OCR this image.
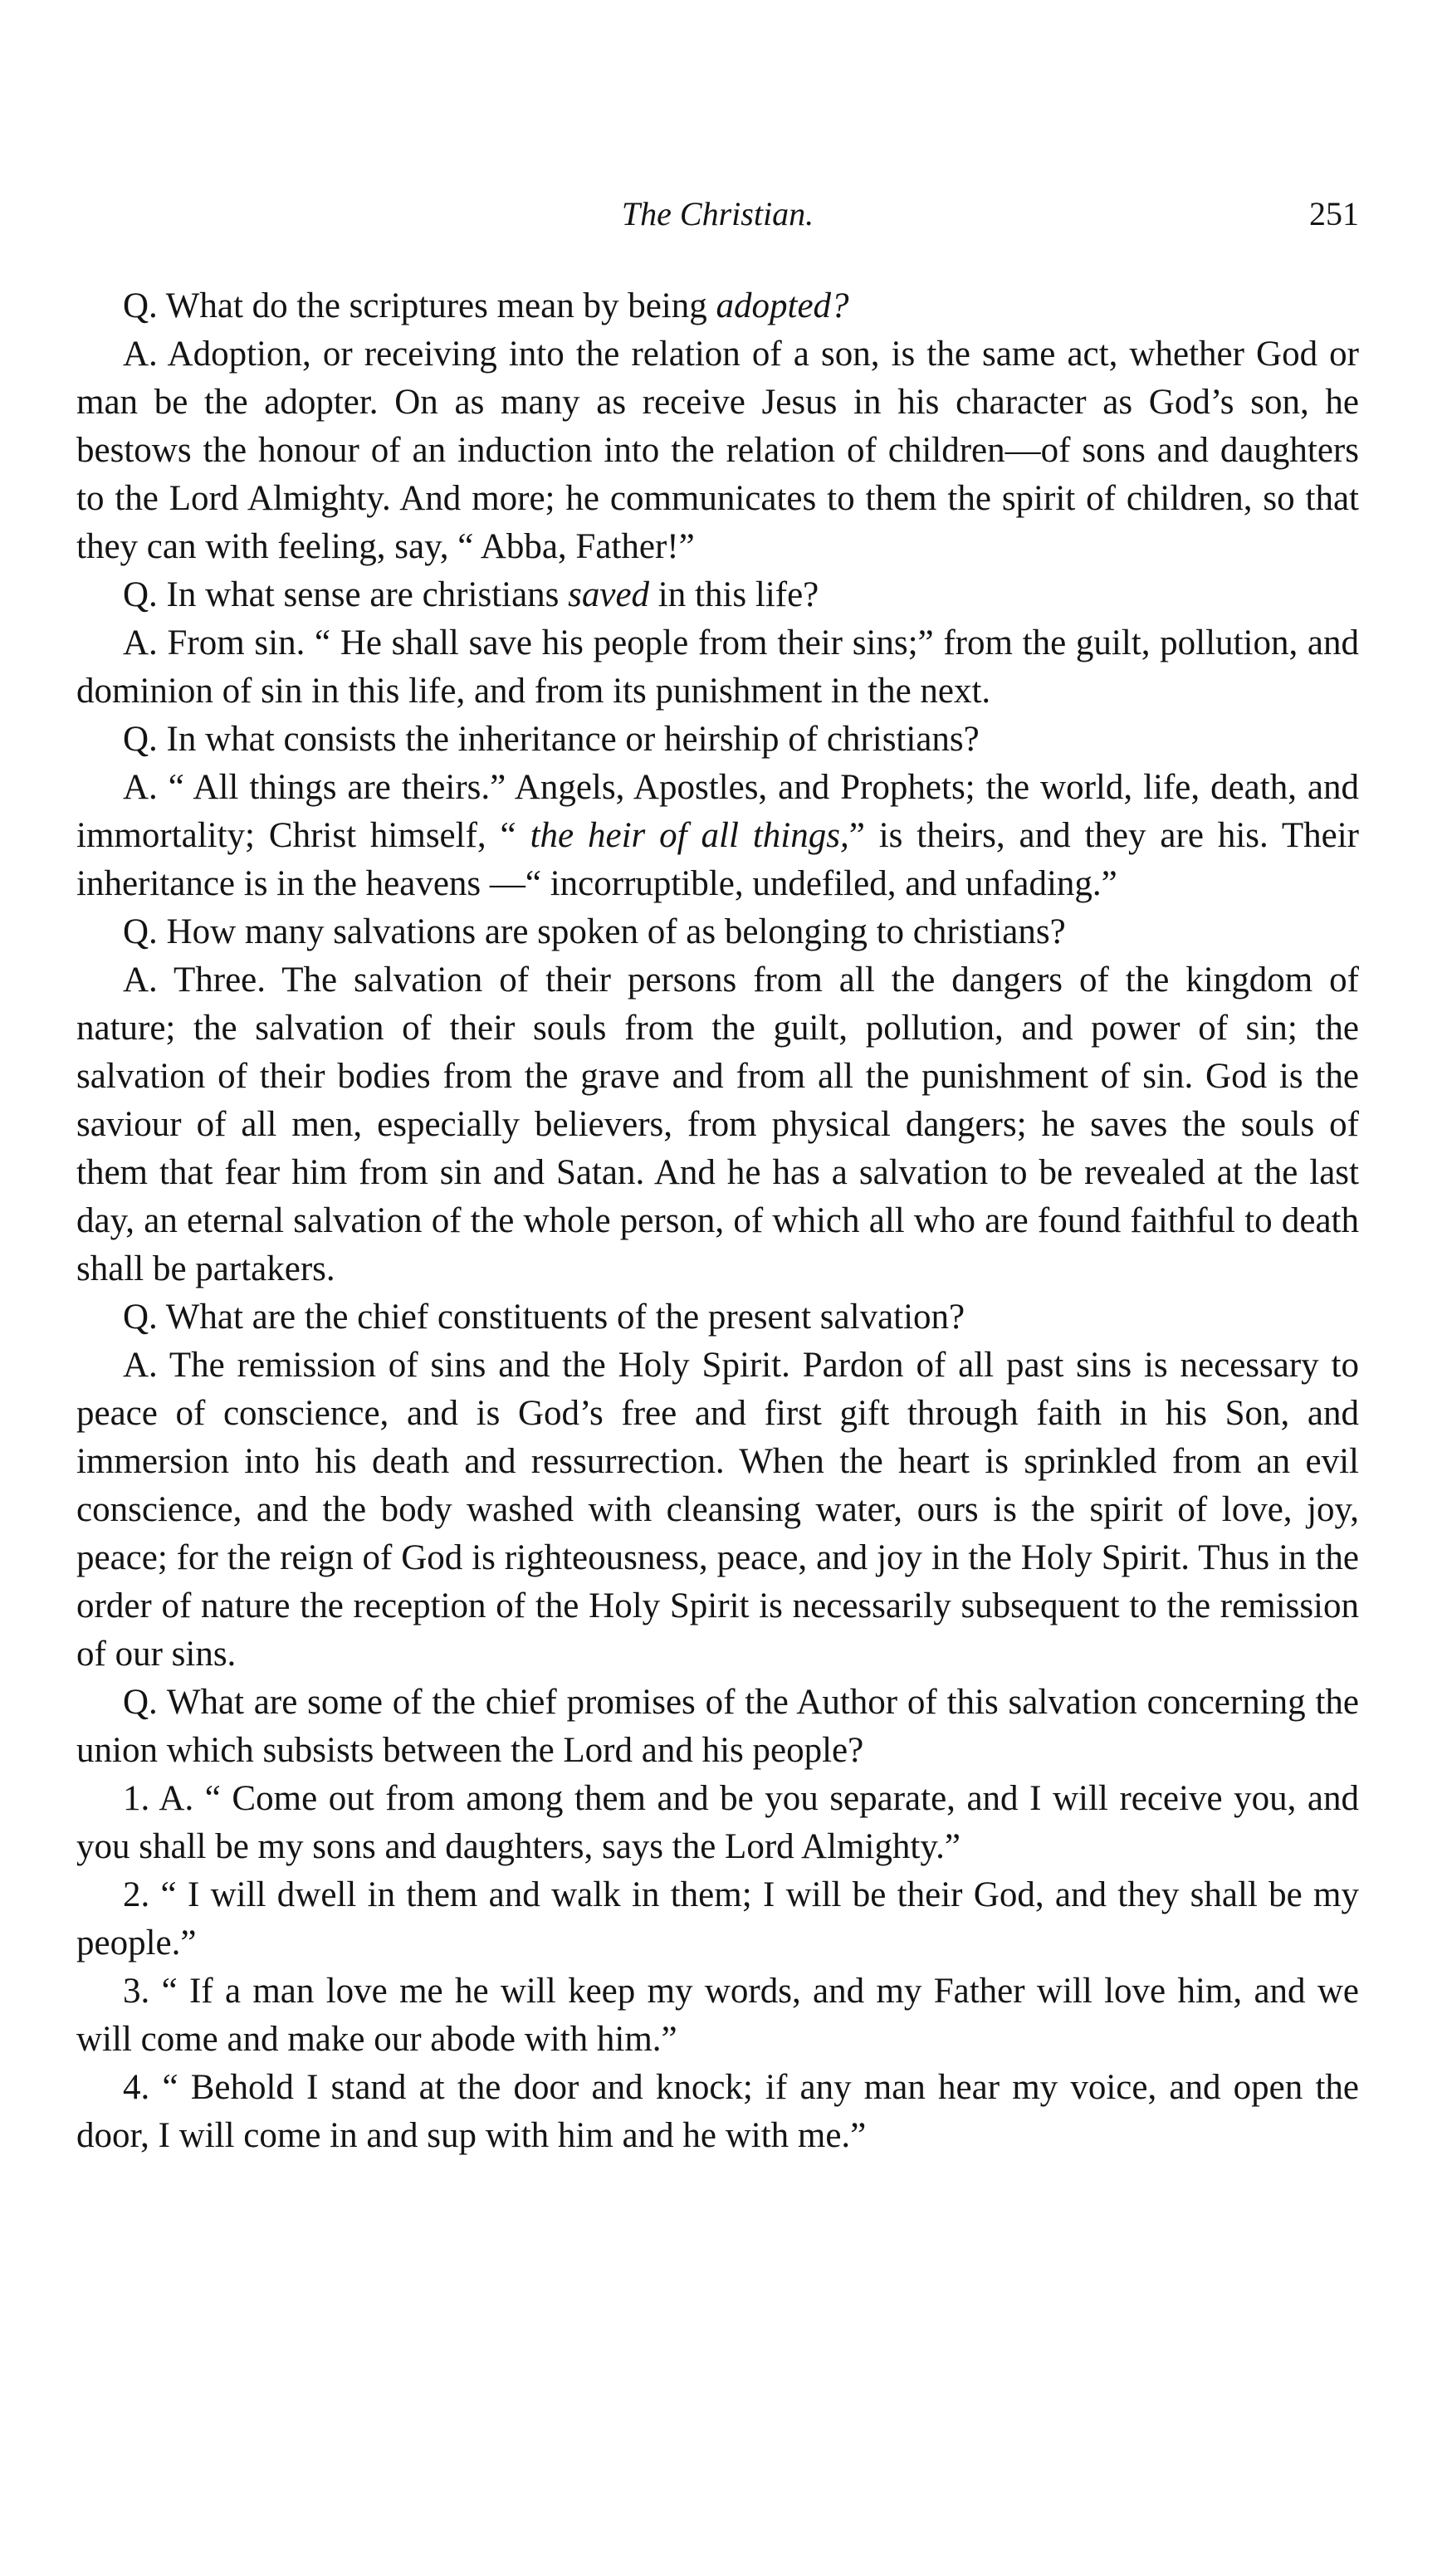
The Christian.	251

Q. What do the scriptures mean by being adopted?

A. Adoption, or receiving into the relation of a son, is the same act, whether God or man be the adopter. On as many as receive Jesus in his character as God’s son, he bestows the honour of an induction into the relation of children—of sons and daughters to the Lord Almighty. And more; he communicates to them the spirit of children, so that they can with feeling, say, “ Abba, Father!”

Q. In what sense are christians saved in this life?

A. From sin. “ He shall save his people from their sins;” from the guilt, pollution, and dominion of sin in this life, and from its punishment in the next.

Q. In what consists the inheritance or heirship of christians?

A. “ All things are theirs.” Angels, Apostles, and Prophets; the world, life, death, and immortality; Christ himself, “ the heir of all things,” is theirs, and they are his. Their inheritance is in the heavens —“ incorruptible, undefiled, and unfading.”

Q. How many salvations are spoken of as belonging to christians?

A. Three. The salvation of their persons from all the dangers of the kingdom of nature; the salvation of their souls from the guilt, pollution, and power of sin; the salvation of their bodies from the grave and from all the punishment of sin. God is the saviour of all men, especially believers, from physical dangers; he saves the souls of them that fear him from sin and Satan. And he has a salvation to be revealed at the last day, an eternal salvation of the whole person, of which all who are found faithful to death shall be partakers.

Q. What are the chief constituents of the present salvation?

A. The remission of sins and the Holy Spirit. Pardon of all past sins is necessary to peace of conscience, and is God’s free and first gift through faith in his Son, and immersion into his death and ressurrection. When the heart is sprinkled from an evil conscience, and the body washed with cleansing water, ours is the spirit of love, joy, peace; for the reign of God is righteousness, peace, and joy in the Holy Spirit. Thus in the order of nature the reception of the Holy Spirit is necessarily subsequent to the remission of our sins.

Q. What are some of the chief promises of the Author of this salvation concerning the union which subsists between the Lord and his people?

1. A. “ Come out from among them and be you separate, and I will receive you, and you shall be my sons and daughters, says the Lord Almighty.”

2. “ I will dwell in them and walk in them; I will be their God, and they shall be my people.”

3. “ If a man love me he will keep my words, and my Father will love him, and we will come and make our abode with him.”

4. “ Behold I stand at the door and knock; if any man hear my voice, and open the door, I will come in and sup with him and he with me.”
